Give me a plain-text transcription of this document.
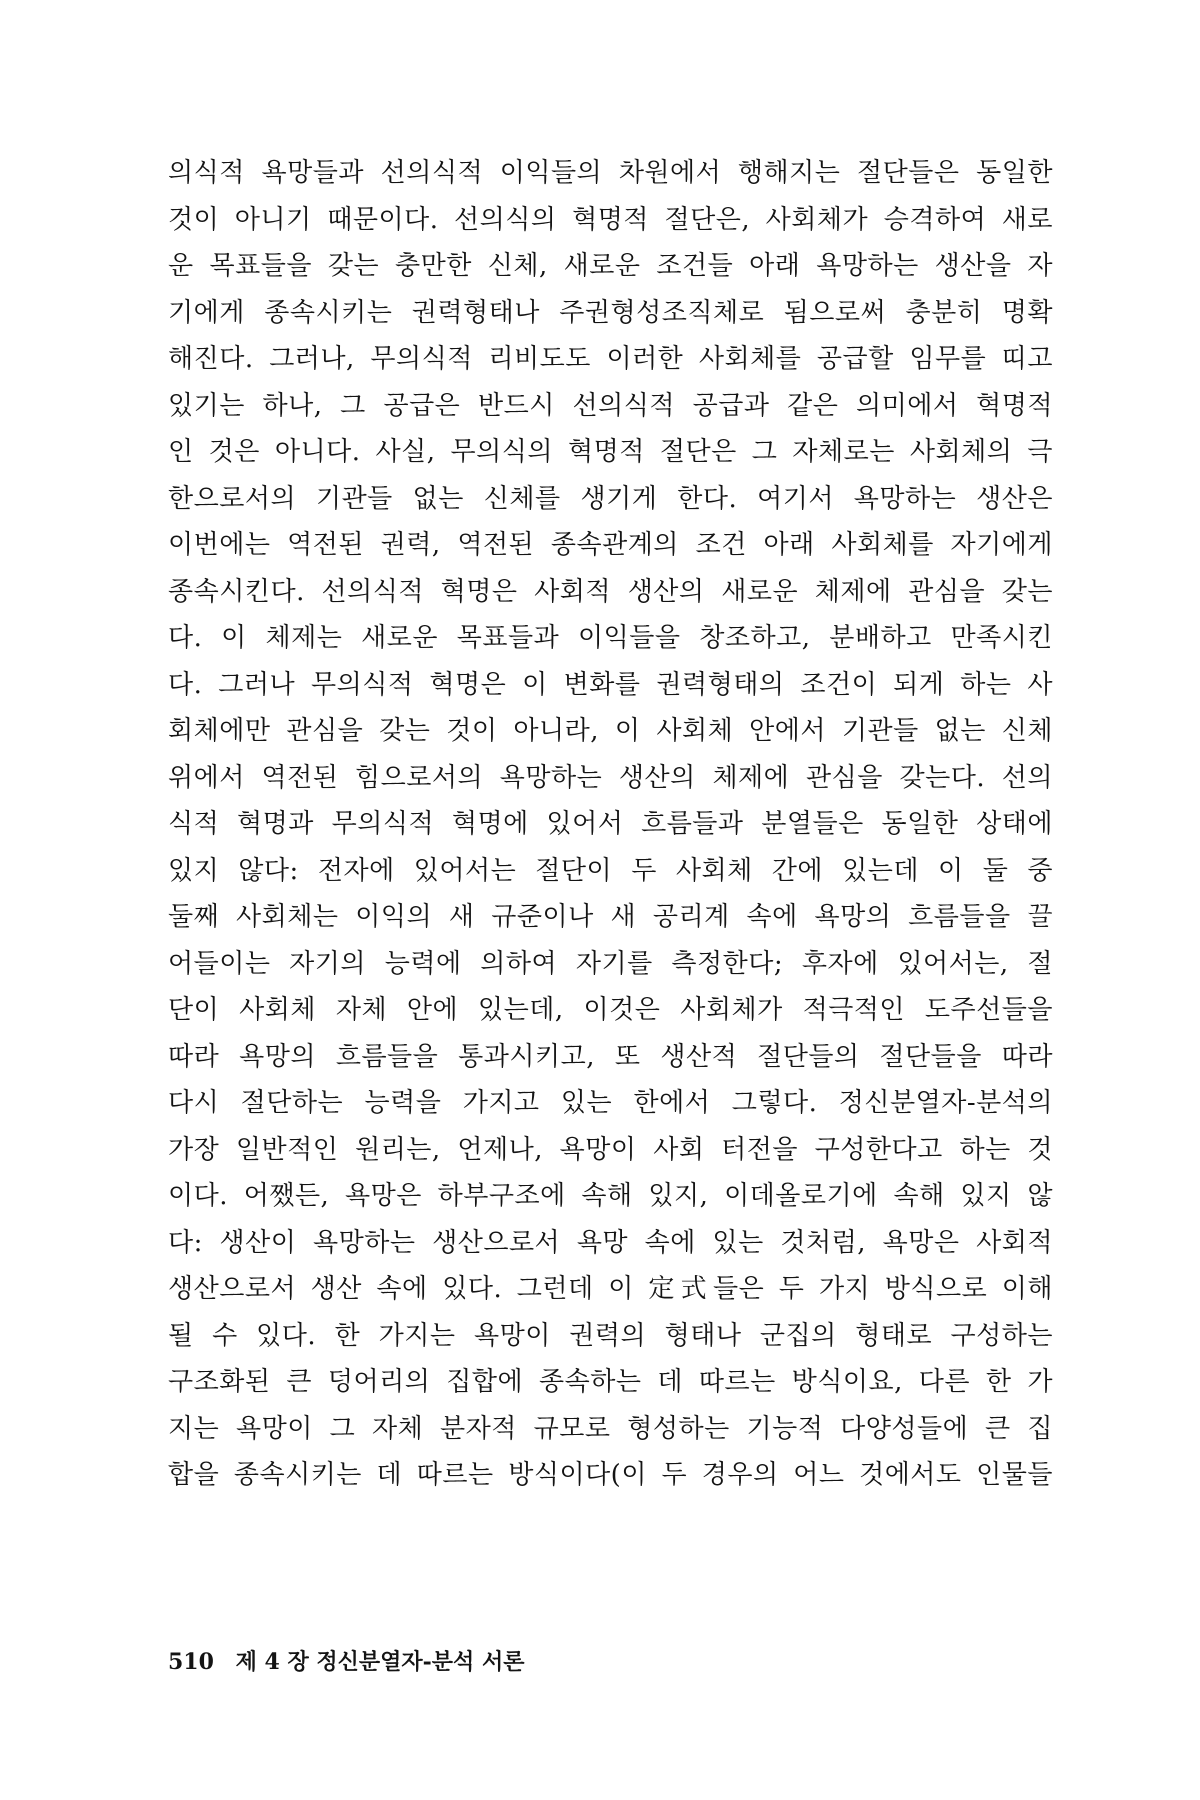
의식적 욕망들과 선의식적 이익들의 차원에서 행해지는 절단들은 동일한
것이 아니기 때문이다. 선의식의 혁명적 절단은, 사회체가 승격하여 새로
운 목표들을 갖는 충만한 신체, 새로운 조건들 아래 욕망하는 생산을 자
기에게 종속시키는 권력형태나 주권형성조직체로 됨으로써 충분히 명확
해진다. 그러나, 무의식적 리비도도 이러한 사회체를 공급할 임무를 띠고
있기는 하나, 그 공급은 반드시 선의식적 공급과 같은 의미에서 혁명적
인 것은 아니다. 사실, 무의식의 혁명적 절단은 그 자체로는 사회체의 극
한으로서의 기관들 없는 신체를 생기게 한다. 여기서 욕망하는 생산은
이번에는 역전된 권력, 역전된 종속관계의 조건 아래 사회체를 자기에게
종속시킨다. 선의식적 혁명은 사회적 생산의 새로운 체제에 관심을 갖는
다. 이 체제는 새로운 목표들과 이익들을 창조하고, 분배하고 만족시킨
다. 그러나 무의식적 혁명은 이 변화를 권력형태의 조건이 되게 하는 사
회체에만 관심을 갖는 것이 아니라, 이 사회체 안에서 기관들 없는 신체
위에서 역전된 힘으로서의 욕망하는 생산의 체제에 관심을 갖는다. 선의
식적 혁명과 무의식적 혁명에 있어서 흐름들과 분열들은 동일한 상태에
있지 않다: 전자에 있어서는 절단이 두 사회체 간에 있는데 이 둘 중
둘째 사회체는 이익의 새 규준이나 새 공리계 속에 욕망의 흐름들을 끌
어들이는 자기의 능력에 의하여 자기를 측정한다; 후자에 있어서는, 절
단이 사회체 자체 안에 있는데, 이것은 사회체가 적극적인 도주선들을
따라 욕망의 흐름들을 통과시키고, 또 생산적 절단들의 절단들을 따라
다시 절단하는 능력을 가지고 있는 한에서 그렇다. 정신분열자-분석의
가장 일반적인 원리는, 언제나, 욕망이 사회 터전을 구성한다고 하는 것
이다. 어쨌든, 욕망은 하부구조에 속해 있지, 이데올로기에 속해 있지 않
다: 생산이 욕망하는 생산으로서 욕망 속에 있는 것처럼, 욕망은 사회적
생산으로서 생산 속에 있다. 그런데 이 定式들은 두 가지 방식으로 이해
될 수 있다. 한 가지는 욕망이 권력의 형태나 군집의 형태로 구성하는
구조화된 큰 덩어리의 집합에 종속하는 데 따르는 방식이요, 다른 한 가
지는 욕망이 그 자체 분자적 규모로 형성하는 기능적 다양성들에 큰 집
합을 종속시키는 데 따르는 방식이다(이 두 경우의 어느 것에서도 인물들
510 제 4 장 정신분열자-분석 서론
